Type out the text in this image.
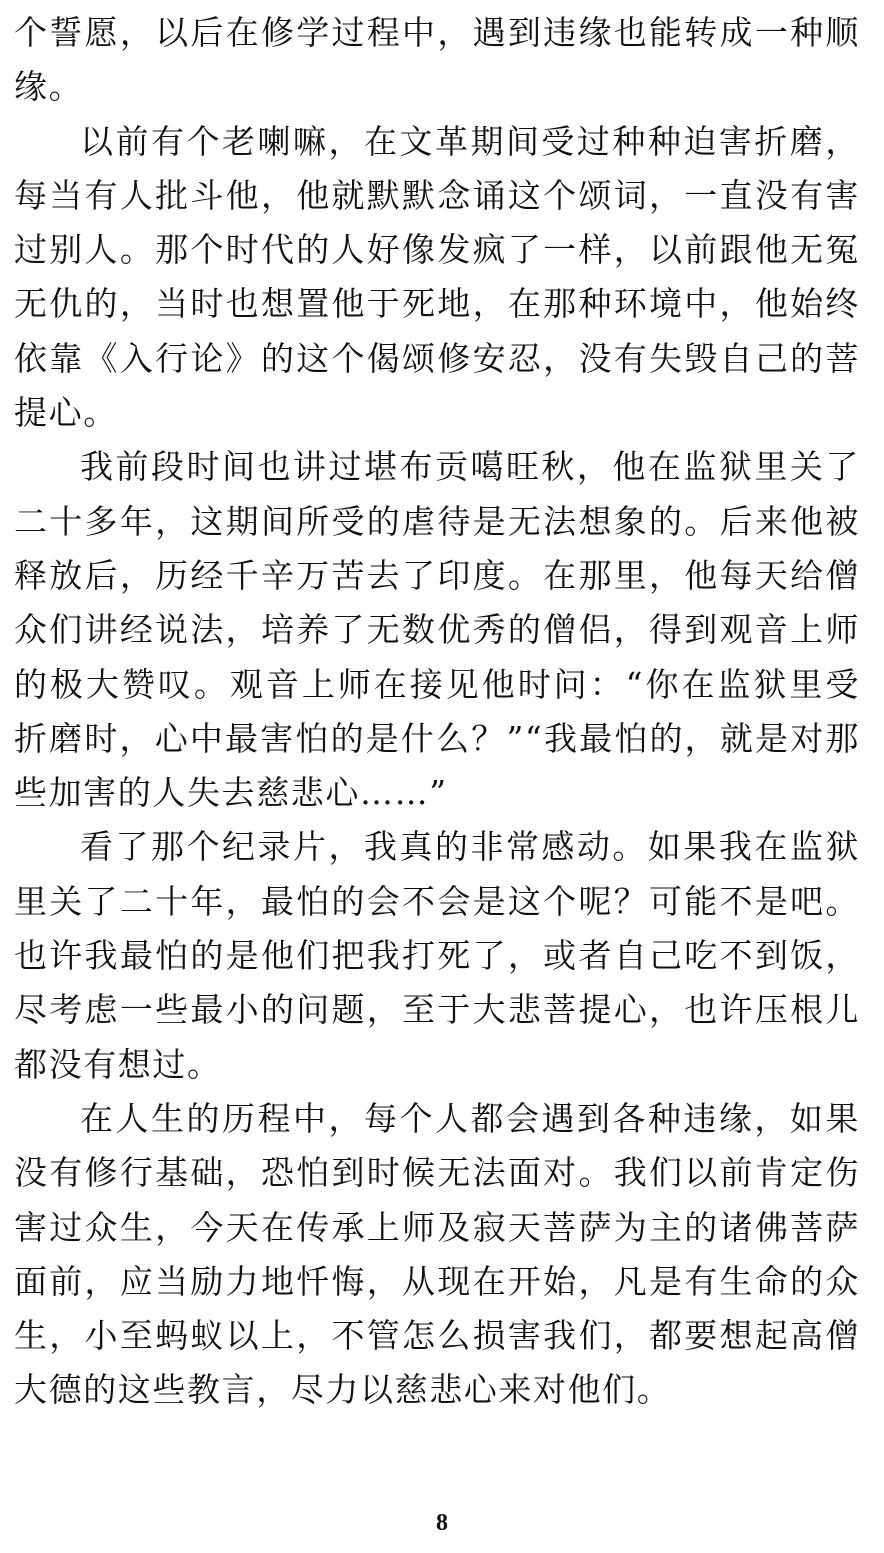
个誓愿，以后在修学过程中，遇到违缘也能转成一种顺缘。

以前有个老喇嘛，在文革期间受过种种迫害折磨，每当有人批斗他，他就默默念诵这个颂词，一直没有害过别人。那个时代的人好像发疯了一样，以前跟他无冤无仇的，当时也想置他于死地，在那种环境中，他始终依靠《入行论》的这个偈颂修安忍，没有失毁自己的菩提心。

我前段时间也讲过堪布贡噶旺秋，他在监狱里关了二十多年，这期间所受的虐待是无法想象的。后来他被释放后，历经千辛万苦去了印度。在那里，他每天给僧众们讲经说法，培养了无数优秀的僧侣，得到观音上师的极大赞叹。观音上师在接见他时问：“你在监狱里受折磨时，心中最害怕的是什么？”“我最怕的，就是对那些加害的人失去慈悲心……”

看了那个纪录片，我真的非常感动。如果我在监狱里关了二十年，最怕的会不会是这个呢？可能不是吧。也许我最怕的是他们把我打死了，或者自己吃不到饭，尽考虑一些最小的问题，至于大悲菩提心，也许压根儿都没有想过。

在人生的历程中，每个人都会遇到各种违缘，如果没有修行基础，恐怕到时候无法面对。我们以前肯定伤害过众生，今天在传承上师及寂天菩萨为主的诸佛菩萨面前，应当励力地忏悔，从现在开始，凡是有生命的众生，小至蚂蚁以上，不管怎么损害我们，都要想起高僧大德的这些教言，尽力以慈悲心来对他们。

8
